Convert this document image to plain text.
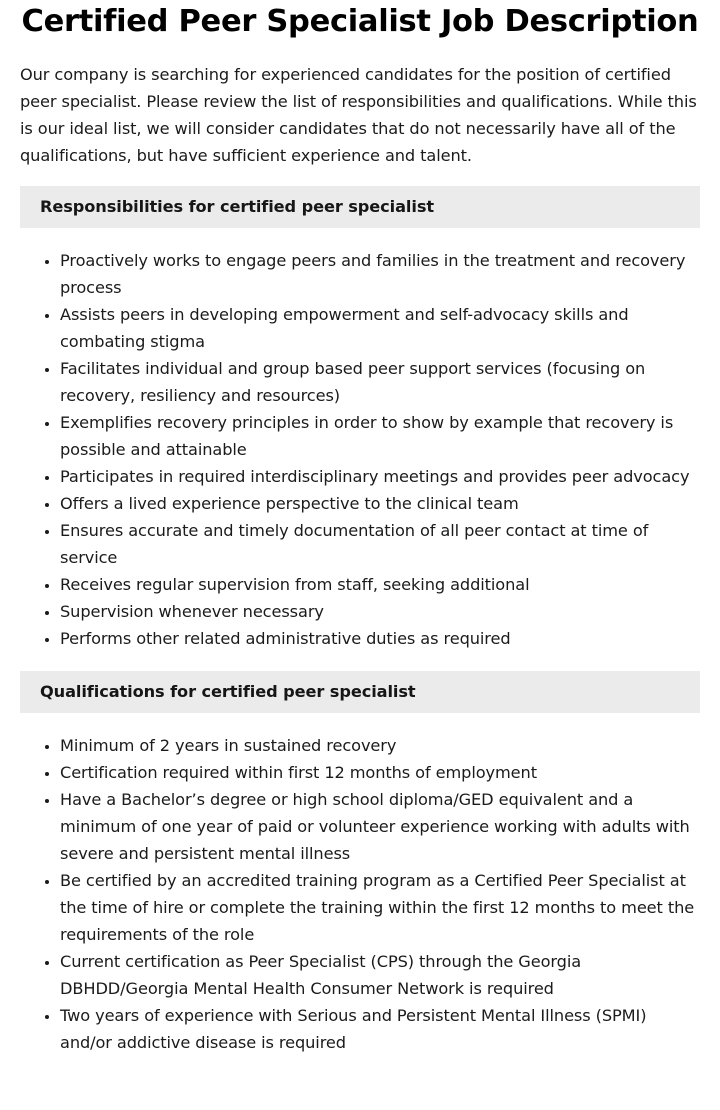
Certified Peer Specialist Job Description

Our company is searching for experienced candidates for the position of certified peer specialist. Please review the list of responsibilities and qualifications. While this is our ideal list, we will consider candidates that do not necessarily have all of the qualifications, but have sufficient experience and talent.

Responsibilities for certified peer specialist
• Proactively works to engage peers and families in the treatment and recovery process
• Assists peers in developing empowerment and self-advocacy skills and combating stigma
• Facilitates individual and group based peer support services (focusing on recovery, resiliency and resources)
• Exemplifies recovery principles in order to show by example that recovery is possible and attainable
• Participates in required interdisciplinary meetings and provides peer advocacy
• Offers a lived experience perspective to the clinical team
• Ensures accurate and timely documentation of all peer contact at time of service
• Receives regular supervision from staff, seeking additional
• Supervision whenever necessary
• Performs other related administrative duties as required
Qualifications for certified peer specialist
• Minimum of 2 years in sustained recovery
• Certification required within first 12 months of employment
• Have a Bachelor’s degree or high school diploma/GED equivalent and a minimum of one year of paid or volunteer experience working with adults with severe and persistent mental illness
• Be certified by an accredited training program as a Certified Peer Specialist at the time of hire or complete the training within the first 12 months to meet the requirements of the role
• Current certification as Peer Specialist (CPS) through the Georgia DBHDD/Georgia Mental Health Consumer Network is required
• Two years of experience with Serious and Persistent Mental Illness (SPMI) and/or addictive disease is required
